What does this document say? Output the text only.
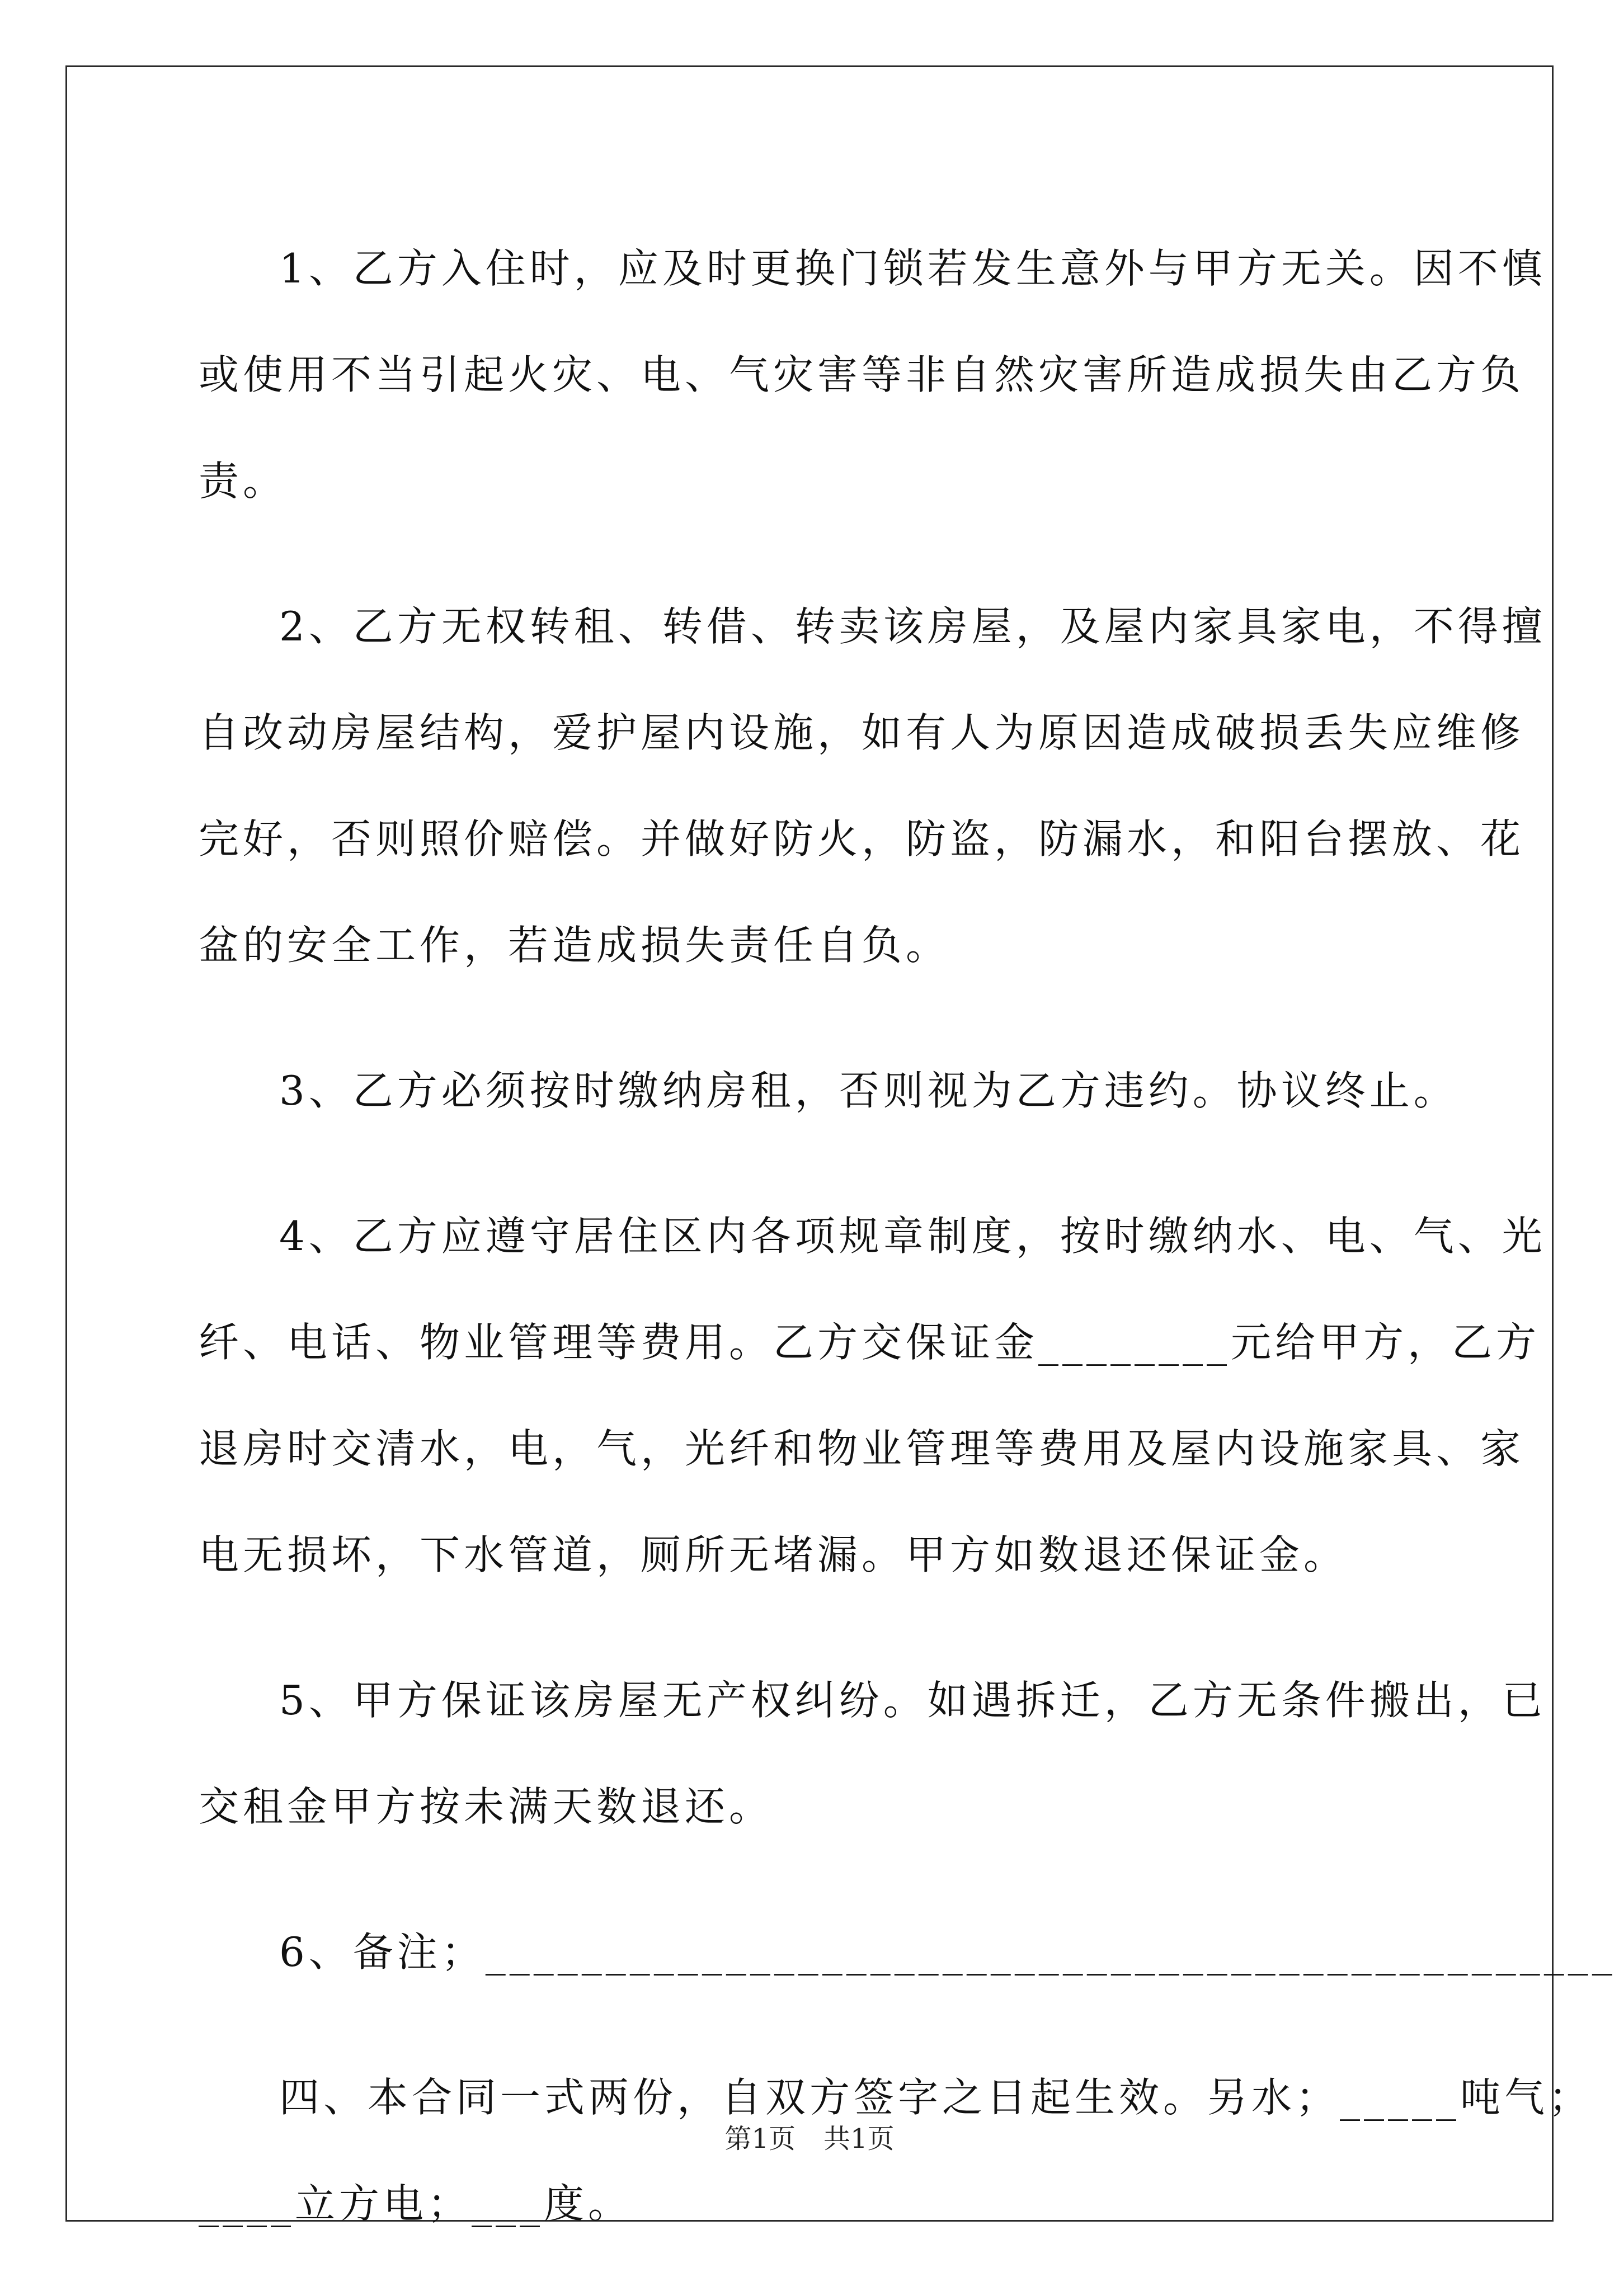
1、乙方入住时，应及时更换门锁若发生意外与甲方无关。因不慎
或使用不当引起火灾、电、气灾害等非自然灾害所造成损失由乙方负
责。

2、乙方无权转租、转借、转卖该房屋，及屋内家具家电，不得擅
自改动房屋结构，爱护屋内设施，如有人为原因造成破损丢失应维修
完好，否则照价赔偿。并做好防火，防盗，防漏水，和阳台摆放、花
盆的安全工作，若造成损失责任自负。

3、乙方必须按时缴纳房租，否则视为乙方违约。协议终止。

4、乙方应遵守居住区内各项规章制度，按时缴纳水、电、气、光
纤、电话、物业管理等费用。乙方交保证金________元给甲方，乙方
退房时交清水，电，气，光纤和物业管理等费用及屋内设施家具、家
电无损坏，下水管道，厕所无堵漏。甲方如数退还保证金。

5、甲方保证该房屋无产权纠纷。如遇拆迁，乙方无条件搬出，已
交租金甲方按未满天数退还。

6、备注；_______________________________________________

四、本合同一式两份，自双方签字之日起生效。另水；_____吨气；
____立方电；___度。

第1页 共1页
